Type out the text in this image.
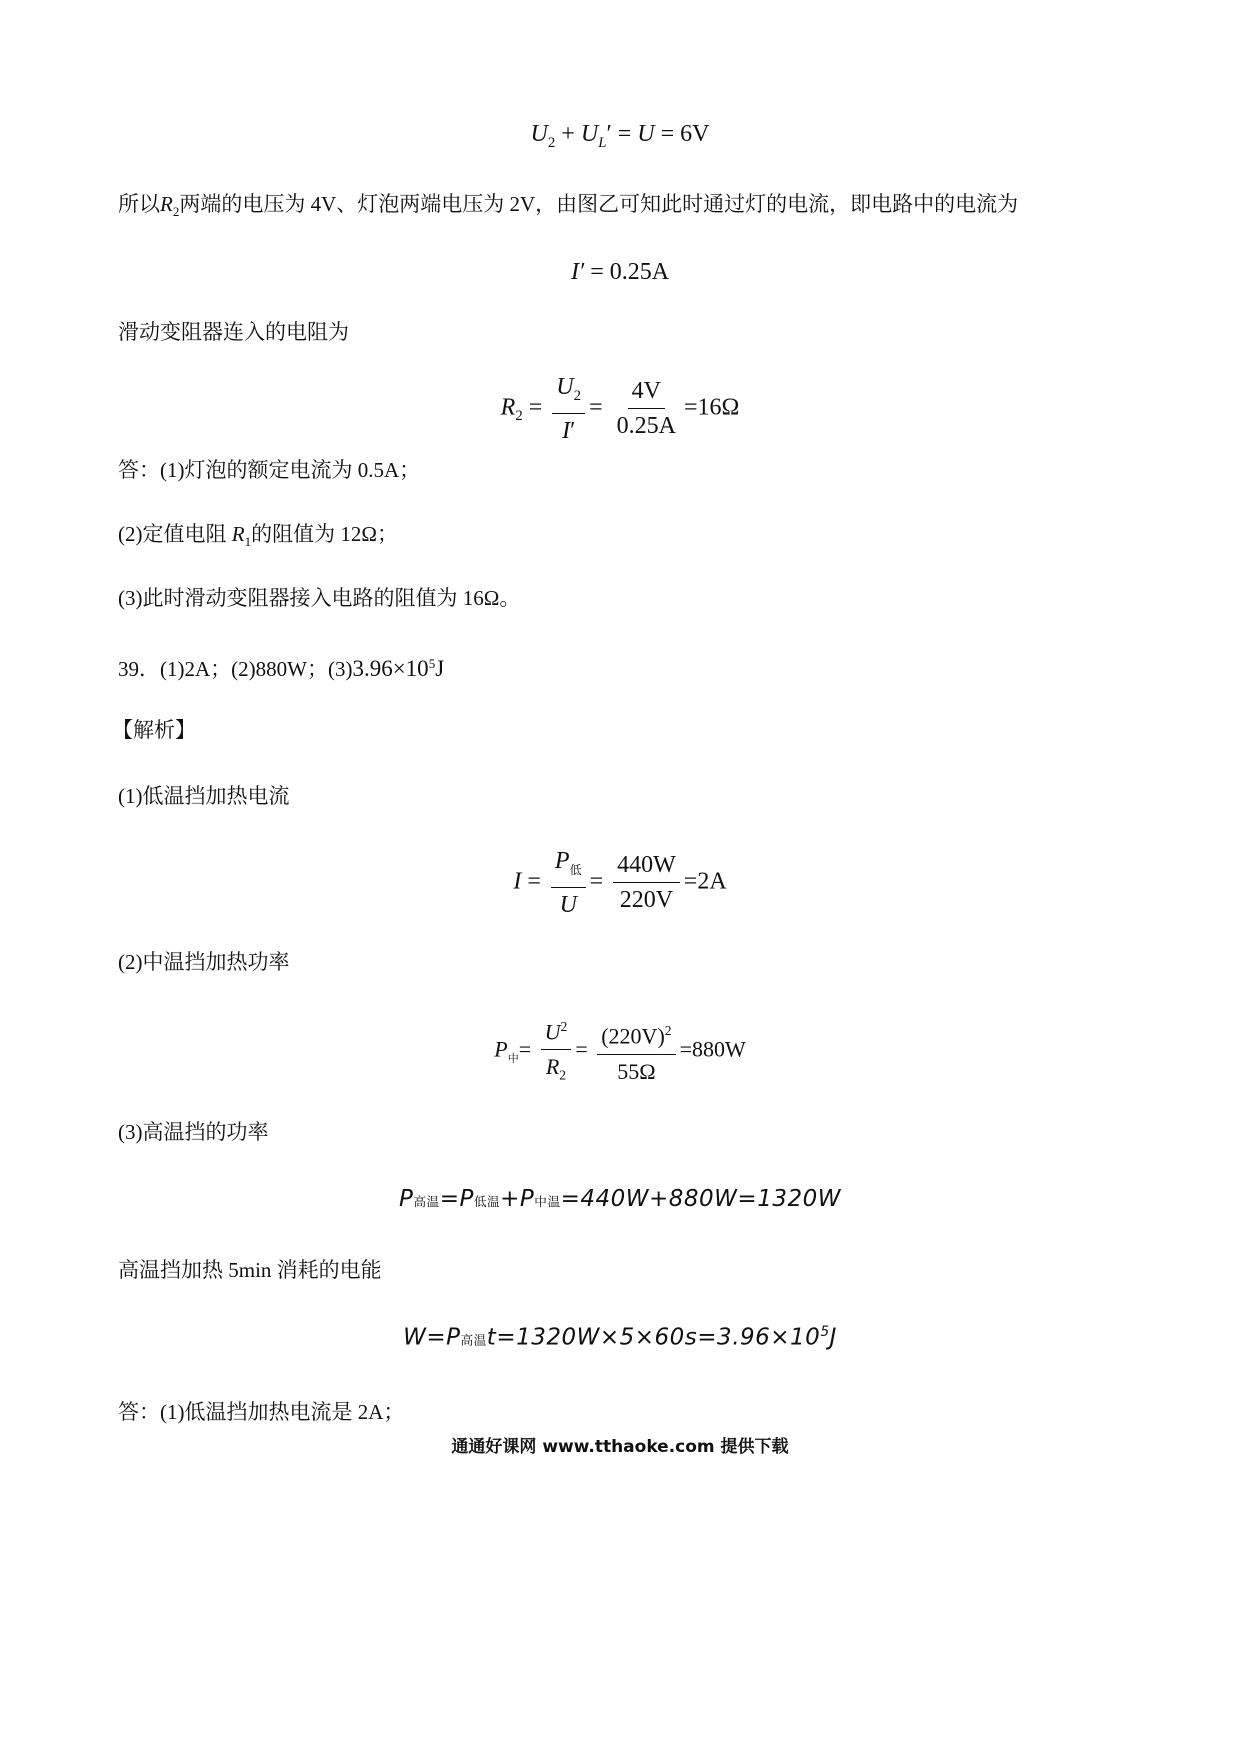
$U_2 + U_L' = U = 6V$
所以$R_2$两端的电压为 4V、灯泡两端电压为 2V，由图乙可知此时通过灯的电流，即电路中的电流为
I′ = 0.25A
滑动变阻器连入的电阻为
$R_2 = \frac{U_2}{I'} = \frac{4V}{0.25A} =16\Omega$
答：(1)灯泡的额定电流为 0.5A；
(2)定值电阻 $R_1$的阻值为 12Ω；
(3)此时滑动变阻器接入电路的阻值为 16Ω。
39．(1)2A；(2)880W；$(3)3.96\times 10^5J$
【解析】
(1)低温挡加热电流
$I = \frac{P_低}{U} = \frac{440W}{220V} =2A$
(2)中温挡加热功率
$P_中= \frac{U^2}{R_2} = \frac{(220V)^2}{55\Omega} =880W$
(3)高温挡的功率
P高温=P低温+P中温=440W+880W=1320W
高温挡加热 5min 消耗的电能
W=P高温$t=1320W\times 5\times 60s=3.96\times 10^5J$
答：(1)低温挡加热电流是 2A；
通通好课网 www.tthaoke.com 提供下载
